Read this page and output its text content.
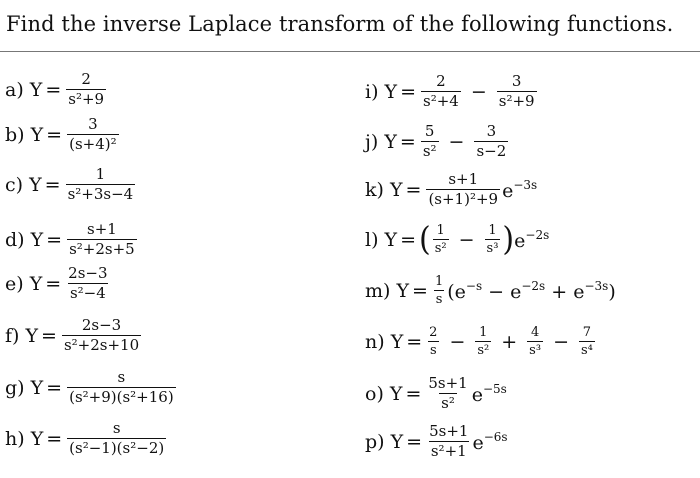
Find the inverse Laplace transform of the following functions.
a) $Y = \frac{2}{\text{s²+9}}$
b) $Y = \frac{3}{\text{(s+4)²}}$
c) $Y = \frac{1}{\text{s²+3s−4}}$
d) $Y = \frac{s+1}{\text{s²+2s+5}}$
e) $Y = \frac{2s-3}{\text{s²−4}}$
f) $Y = \frac{2s-3}{\text{s²+2s+10}}$
g) $Y = \frac{s}{\text{(s²+9)(s²+16)}}$
h) $Y = \frac{s}{\text{(s²−1)(s²−2)}}$
i) $Y = \frac{2}{\text{s²+4}} - \frac{3}{\text{s²+9}}$
j) $Y = \frac{5}{\text{s²}} - \frac{3}{s-2}$
k) $Y = \frac{s+1}{\text{(s+1)²+9}} e^{-3s}$
l) Y = ( $\frac{1}{\text{s²}} - \frac{1}{\text{s³}}$ ) $e^{-2s}$
m) $Y = \frac{1}{s} (e^{-s} - e^{-2s} + e^{-3s})$
n) $Y = \frac{2}{s} - \frac{1}{\text{s²}} + \frac{4}{\text{s³}} - \frac{7}{\text{s⁴}}$
o) $Y = \frac{5s+1}{\text{s²}} e^{-5s}$
p) $Y = \frac{5s+1}{\text{s²+1}} e^{-6s}$
